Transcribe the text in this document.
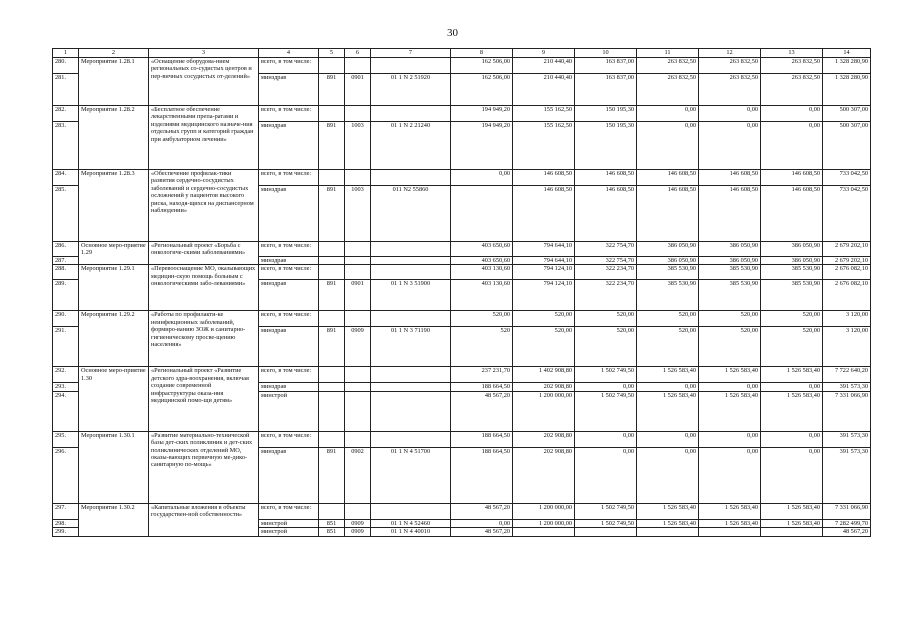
30
1	2	3	4	5	6	7	8	9	10	11	12	13	14
280.	Мероприятие 1.28.1	«Оснащение оборудова-нием региональных со-судистых центров и пер-вичных сосудистых от-делений»	всего, в том числе:				162 506,00	210 440,40	163 837,00	263 832,50	263 832,50	263 832,50	1 328 280,90
281.			минздрав	891	0901	01 1 N 2 51920	162 506,00	210 440,40	163 837,00	263 832,50	263 832,50	263 832,50	1 328 280,90
282.	Мероприятие 1.28.2	«Бесплатное обеспечение лекарственными препа-ратами и изделиями медицинского назначе-ния отдельных групп и категорий граждан при амбулаторном лечении»	всего, в том числе:				194 949,20	155 162,50	150 195,30	0,00	0,00	0,00	500 307,00
283.			минздрав	891	1003	01 1 N 2 21240	194 949,20	155 162,50	150 195,30	0,00	0,00	0,00	500 307,00
284.	Мероприятие 1.28.3	«Обеспечение профилак-тики развития сердечно-сосудистых заболеваний и сердечно-сосудистых осложнений у пациентов высокого риска, находя-щихся на диспансерном наблюдении»	всего, в том числе:				0,00	146 608,50	146 608,50	146 608,50	146 608,50	146 608,50	733 042,50
285.			минздрав	891	1003	011 N2 55860		146 608,50	146 608,50	146 608,50	146 608,50	146 608,50	733 042,50
286.	Основное меро-приятие 1.29	«Региональный проект «Борьба с онкологиче-скими заболеваниями»	всего, в том числе:				403 650,60	794 644,10	322 754,70	386 050,90	386 050,90	386 050,90	2 679 202,10
287.			минздрав				403 650,60	794 644,10	322 754,70	386 050,90	386 050,90	386 050,90	2 679 202,10
288.	Мероприятие 1.29.1	«Перевооснащение МО, оказывающих медицин-скую помощь больным с онкологическими забо-леваниями»	всего, в том числе:				403 130,60	794 124,10	322 234,70	385 530,90	385 530,90	385 530,90	2 676 082,10
289.			минздрав	891	0901	01 1 N 3 51900	403 130,60	794 124,10	322 234,70	385 530,90	385 530,90	385 530,90	2 676 082,10
290.	Мероприятие 1.29.2	«Работы по профилакти-ке неинфекционных заболеваний, формиро-ванию ЗОЖ и санитарно-гигиеническому просве-щению населения»	всего, в том числе:				520,00	520,00	520,00	520,00	520,00	520,00	3 120,00
291.			минздрав	891	0909	01 1 N 3 71190	520	520,00	520,00	520,00	520,00	520,00	3 120,00
292.	Основное меро-приятие 1.30	«Региональный проект «Развитие детского здра-воохранения, включая создание современной инфраструктуры оказа-ния медицинской помо-щи детям»	всего, в том числе:				237 231,70	1 402 908,80	1 502 749,50	1 526 583,40	1 526 583,40	1 526 583,40	7 722 640,20
293.			минздрав				188 664,50	202 908,80	0,00	0,00	0,00	0,00	391 573,30
294.			минстрой				48 567,20	1 200 000,00	1 502 749,50	1 526 583,40	1 526 583,40	1 526 583,40	7 331 066,90
295.	Мероприятие 1.30.1	«Развитие материально-технической базы дет-ских поликлиник и дет-ских поликлинических отделений МО, оказы-вающих первичную ме-дико-санитарную по-мощь»	всего, в том числе:				188 664,50	202 908,80	0,00	0,00	0,00	0,00	391 573,30
296.			минздрав	891	0902	01 1 N 4 51700	188 664,50	202 908,80	0,00	0,00	0,00	0,00	391 573,30
297.	Мероприятие 1.30.2	«Капитальные вложения в объекты государствен-ной собственности»	всего, в том числе:				48 567,20	1 200 000,00	1 502 749,50	1 526 583,40	1 526 583,40	1 526 583,40	7 331 066,90
298.			минстрой	851	0909	01 1 N 4 52460	0,00	1 200 000,00	1 502 749,50	1 526 583,40	1 526 583,40	1 526 583,40	7 282 499,70
299.			минстрой	851	0909	01 1 N 4 40010	48 567,20						48 567,20
